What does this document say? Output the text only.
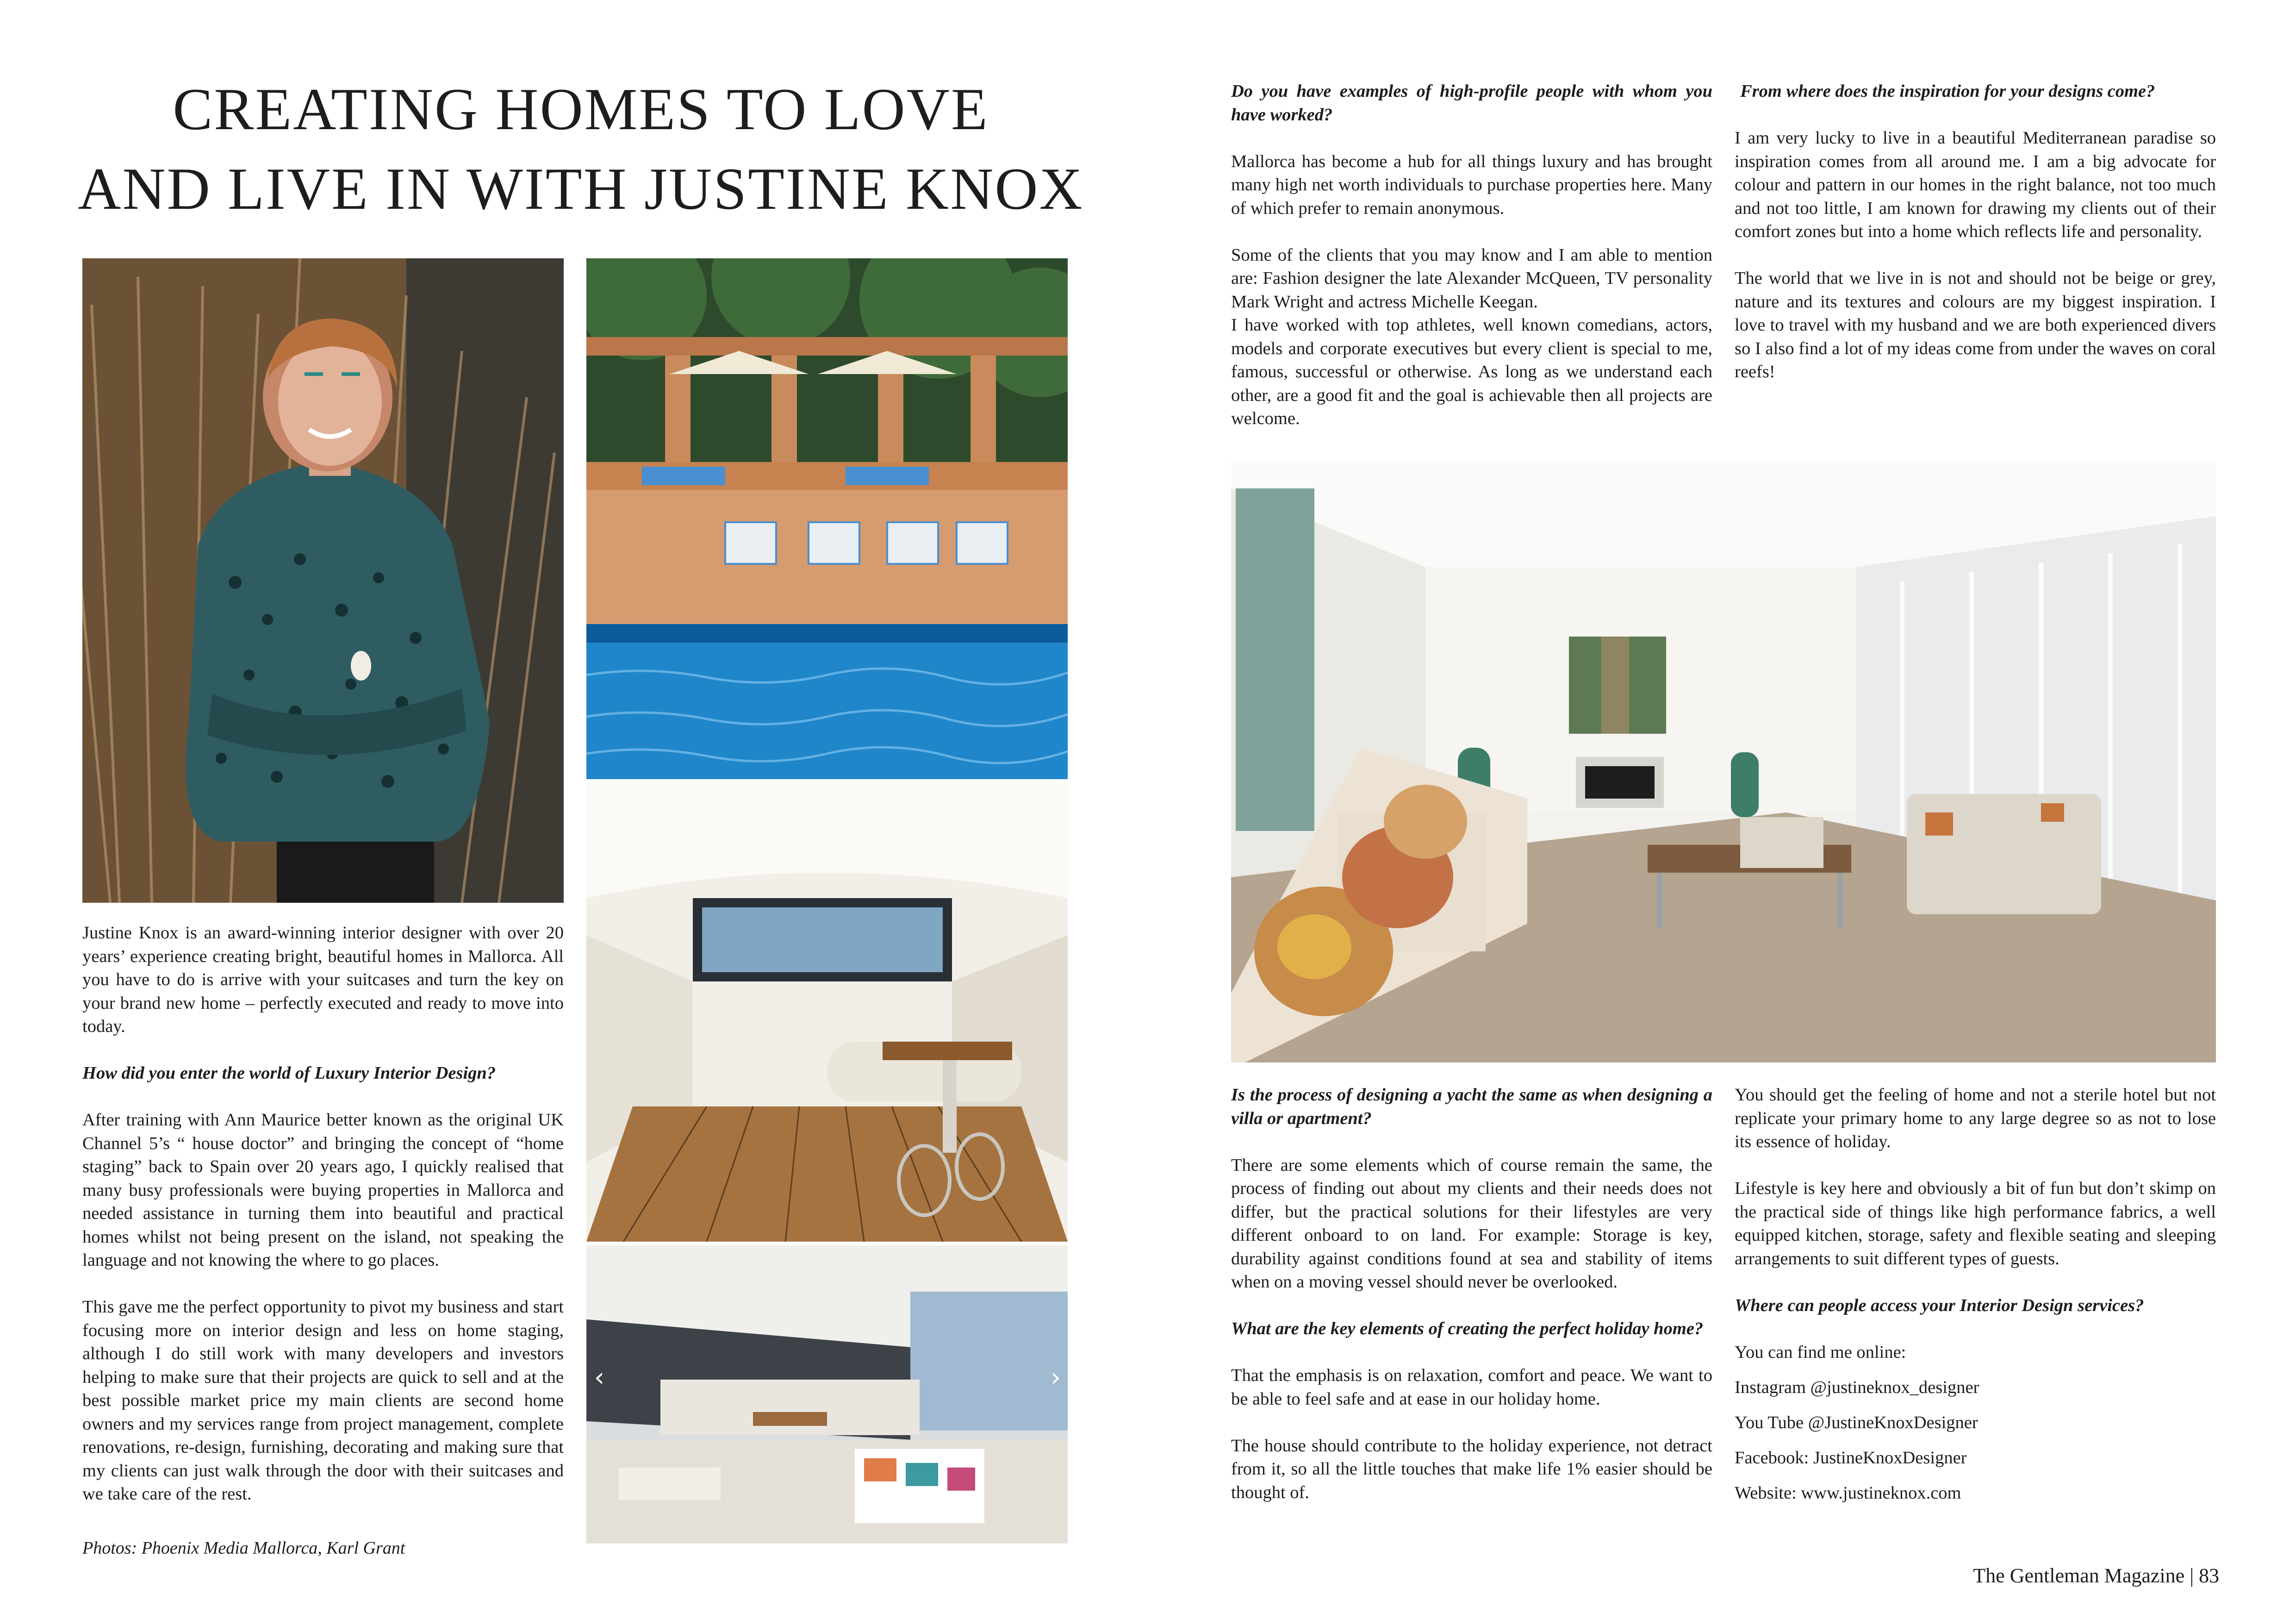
CREATING HOMES TO LOVE
AND LIVE IN WITH JUSTINE KNOX

Justine Knox is an award-winning interior designer with over 20 years’ experience creating bright, beautiful homes in Mallorca. All you have to do is arrive with your suitcases and turn the key on your brand new home – perfectly executed and ready to move into today.

How did you enter the world of Luxury Interior Design?

After training with Ann Maurice better known as the original UK Channel 5’s “ house doctor” and bringing the concept of “home staging” back to Spain over 20 years ago, I quickly realised that many busy professionals were buying properties in Mallorca and needed assistance in turning them into beautiful and practical homes whilst not being present on the island, not speaking the language and not knowing the where to go places.

This gave me the perfect opportunity to pivot my business and start focusing more on interior design and less on home staging, although I do still work with many developers and investors helping to make sure that their projects are quick to sell and at the best possible market price my main clients are second home owners and my services range from project management, complete renovations, re-design, furnishing, decorating and making sure that my clients can just walk through the door with their suitcases and we take care of the rest.

Photos: Phoenix Media Mallorca, Karl Grant
‹	›

Do you have examples of high-profile people with whom you have worked?

Mallorca has become a hub for all things luxury and has brought many high net worth individuals to purchase properties here. Many of which prefer to remain anonymous.

Some of the clients that you may know and I am able to mention are: Fashion designer the late Alexander McQueen, TV personality Mark Wright and actress Michelle Keegan.

I have worked with top athletes, well known comedians, actors, models and corporate executives but every client is special to me, famous, successful or otherwise. As long as we understand each other, are a good fit and the goal is achievable then all projects are welcome.

From where does the inspiration for your designs come?

I am very lucky to live in a beautiful Mediterranean paradise so inspiration comes from all around me. I am a big advocate for colour and pattern in our homes in the right balance, not too much and not too little, I am known for drawing my clients out of their comfort zones but into a home which reflects life and personality.

The world that we live in is not and should not be beige or grey, nature and its textures and colours are my biggest inspiration. I love to travel with my husband and we are both experienced divers so I also find a lot of my ideas come from under the waves on coral reefs!

Is the process of designing a yacht the same as when designing a villa or apartment?

There are some elements which of course remain the same, the process of finding out about my clients and their needs does not differ, but the practical solutions for their lifestyles are very different onboard to on land. For example: Storage is key, durability against conditions found at sea and stability of items when on a moving vessel should never be overlooked.

What are the key elements of creating the perfect holiday home?

That the emphasis is on relaxation, comfort and peace. We want to be able to feel safe and at ease in our holiday home.

The house should contribute to the holiday experience, not detract from it, so all the little touches that make life 1% easier should be thought of.

You should get the feeling of home and not a sterile hotel but not replicate your primary home to any large degree so as not to lose its essence of holiday.

Lifestyle is key here and obviously a bit of fun but don’t skimp on the practical side of things like high performance fabrics, a well equipped kitchen, storage, safety and flexible seating and sleeping arrangements to suit different types of guests.

Where can people access your Interior Design services?

You can find me online:

Instagram @justineknox_designer

You Tube @JustineKnoxDesigner

Facebook: JustineKnoxDesigner

Website: www.justineknox.com

The Gentleman Magazine | 83
